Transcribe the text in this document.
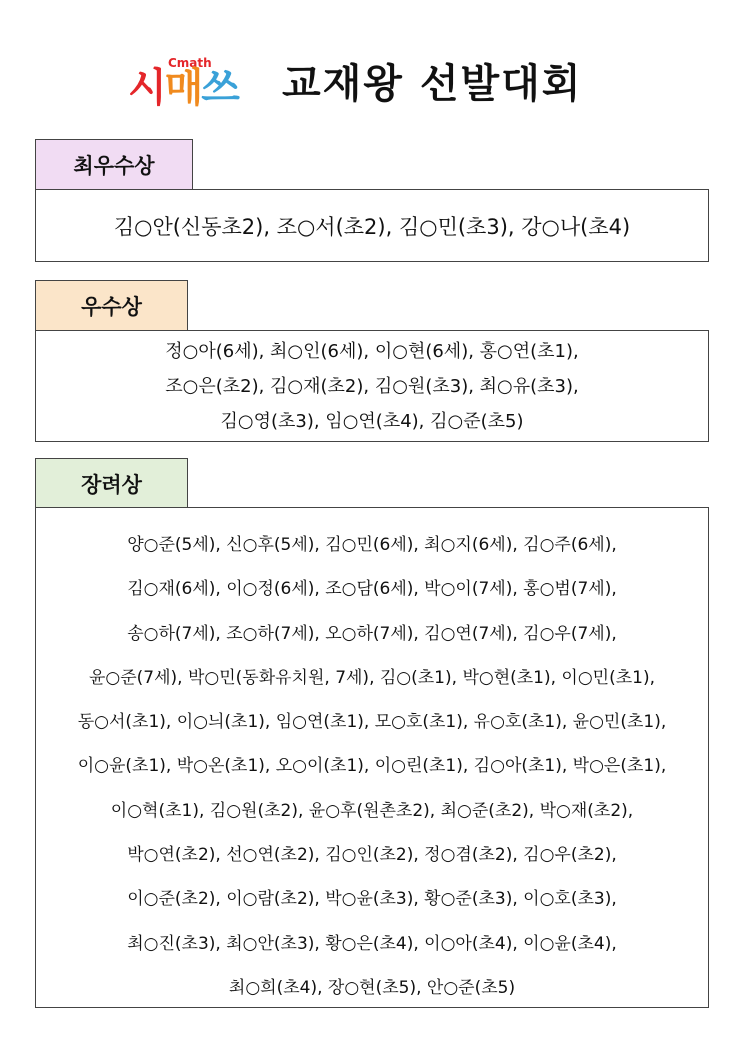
Cmath
시매쓰 교재왕 선발대회
최우수상
김○안(신동초2), 조○서(초2), 김○민(초3), 강○나(초4)
우수상
정○아(6세), 최○인(6세), 이○현(6세), 홍○연(초1),
조○은(초2), 김○재(초2), 김○원(초3), 최○유(초3),
김○영(초3), 임○연(초4), 김○준(초5)
장려상
양○준(5세), 신○후(5세), 김○민(6세), 최○지(6세), 김○주(6세),
김○재(6세), 이○정(6세), 조○담(6세), 박○이(7세), 홍○범(7세),
송○하(7세), 조○하(7세), 오○하(7세), 김○연(7세), 김○우(7세),
윤○준(7세), 박○민(동화유치원, 7세), 김○(초1), 박○현(초1), 이○민(초1),
동○서(초1), 이○늬(초1), 임○연(초1), 모○호(초1), 유○호(초1), 윤○민(초1),
이○윤(초1), 박○온(초1), 오○이(초1), 이○린(초1), 김○아(초1), 박○은(초1),
이○혁(초1), 김○원(초2), 윤○후(원촌초2), 최○준(초2), 박○재(초2),
박○연(초2), 선○연(초2), 김○인(초2), 정○겸(초2), 김○우(초2),
이○준(초2), 이○람(초2), 박○윤(초3), 황○준(초3), 이○호(초3),
최○진(초3), 최○안(초3), 황○은(초4), 이○아(초4), 이○윤(초4),
최○희(초4), 장○현(초5), 안○준(초5)
